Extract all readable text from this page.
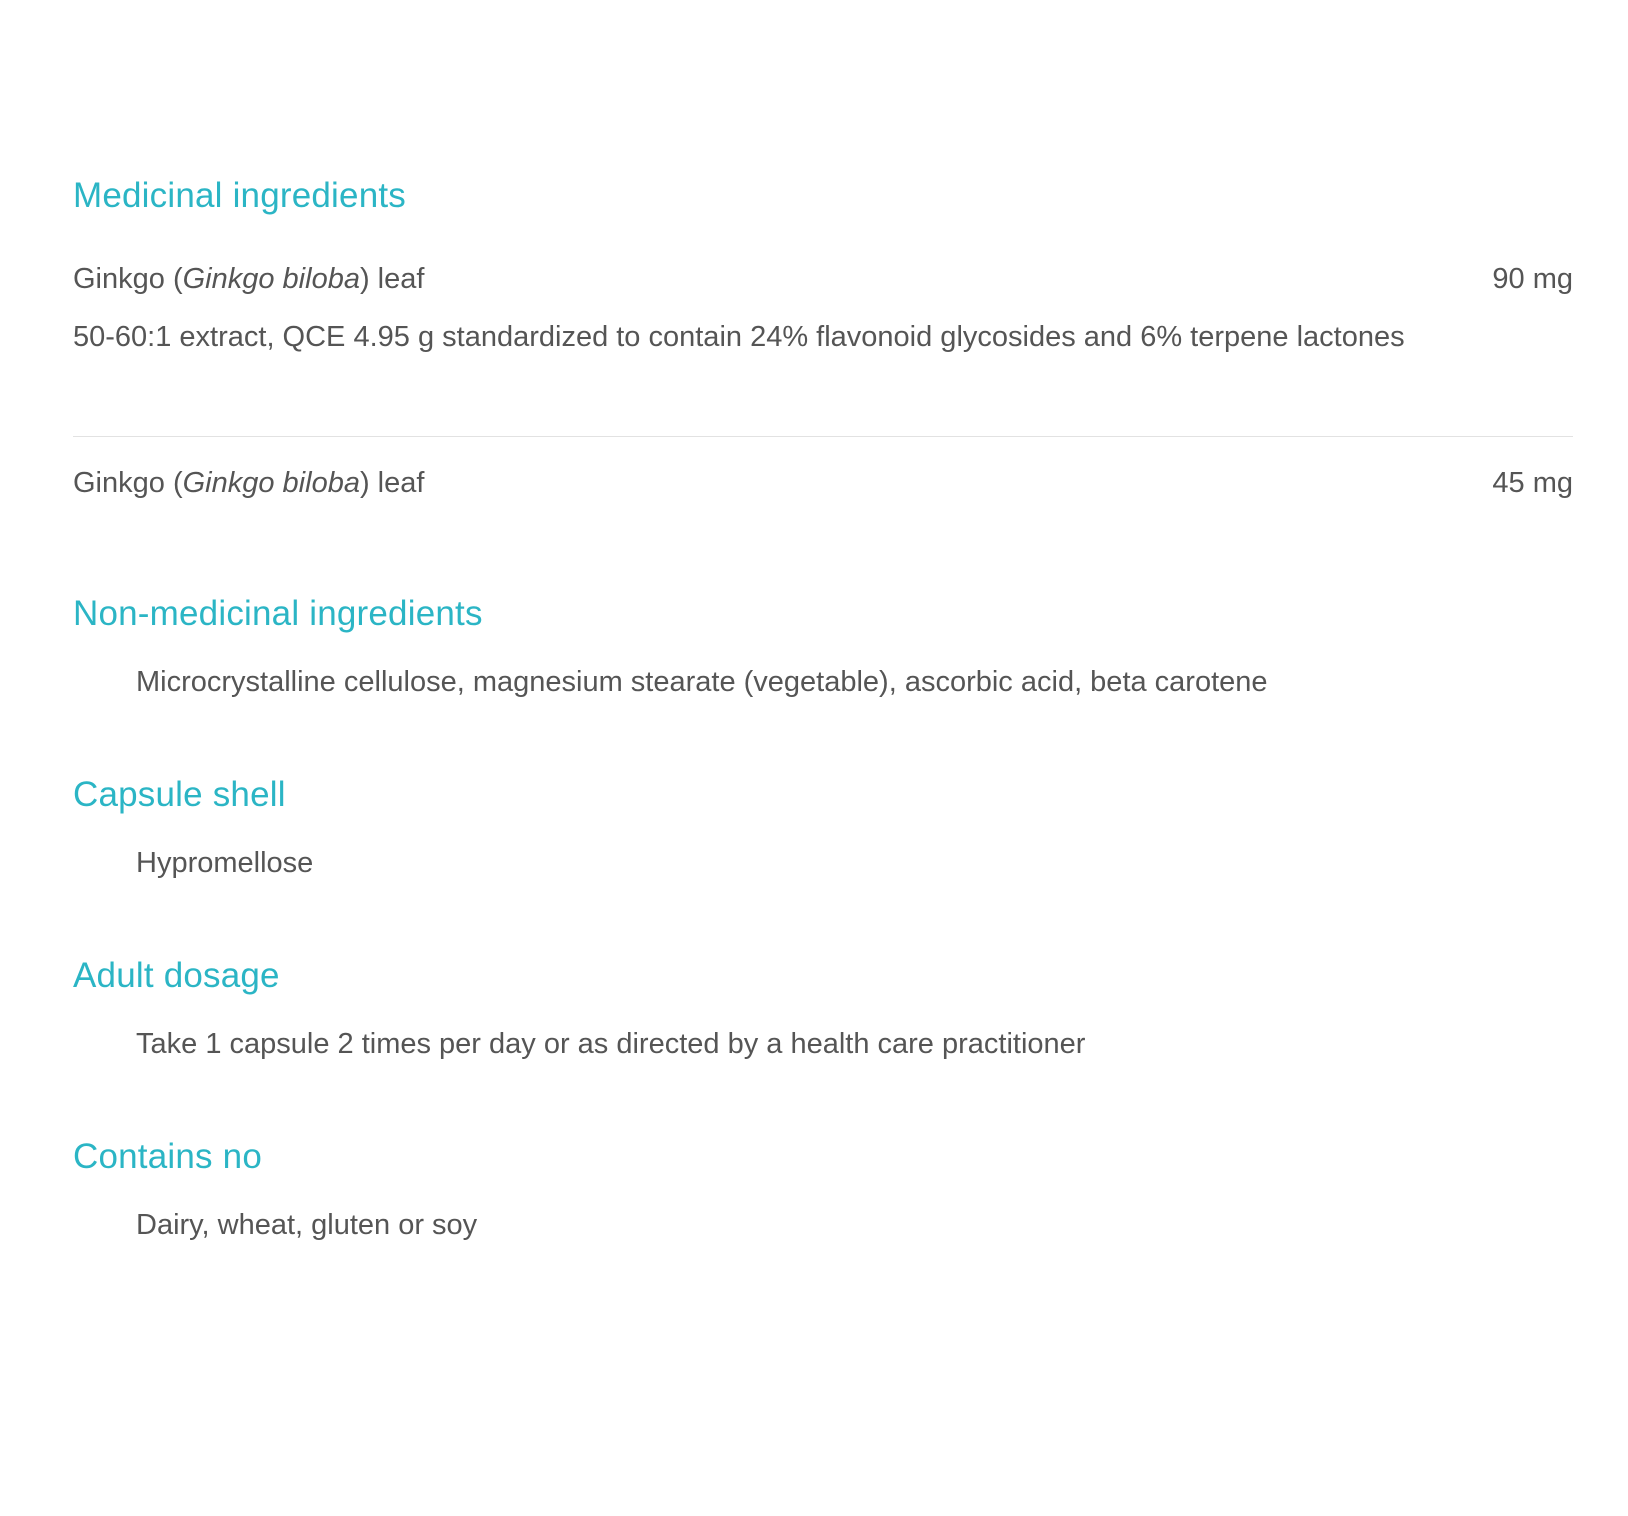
Medicinal ingredients
Ginkgo (Ginkgo biloba) leaf	90 mg
50-60:1 extract, QCE 4.95 g standardized to contain 24% flavonoid glycosides and 6% terpene lactones
Ginkgo (Ginkgo biloba) leaf	45 mg
Non-medicinal ingredients
Microcrystalline cellulose, magnesium stearate (vegetable), ascorbic acid, beta carotene
Capsule shell
Hypromellose
Adult dosage
Take 1 capsule 2 times per day or as directed by a health care practitioner
Contains no
Dairy, wheat, gluten or soy
